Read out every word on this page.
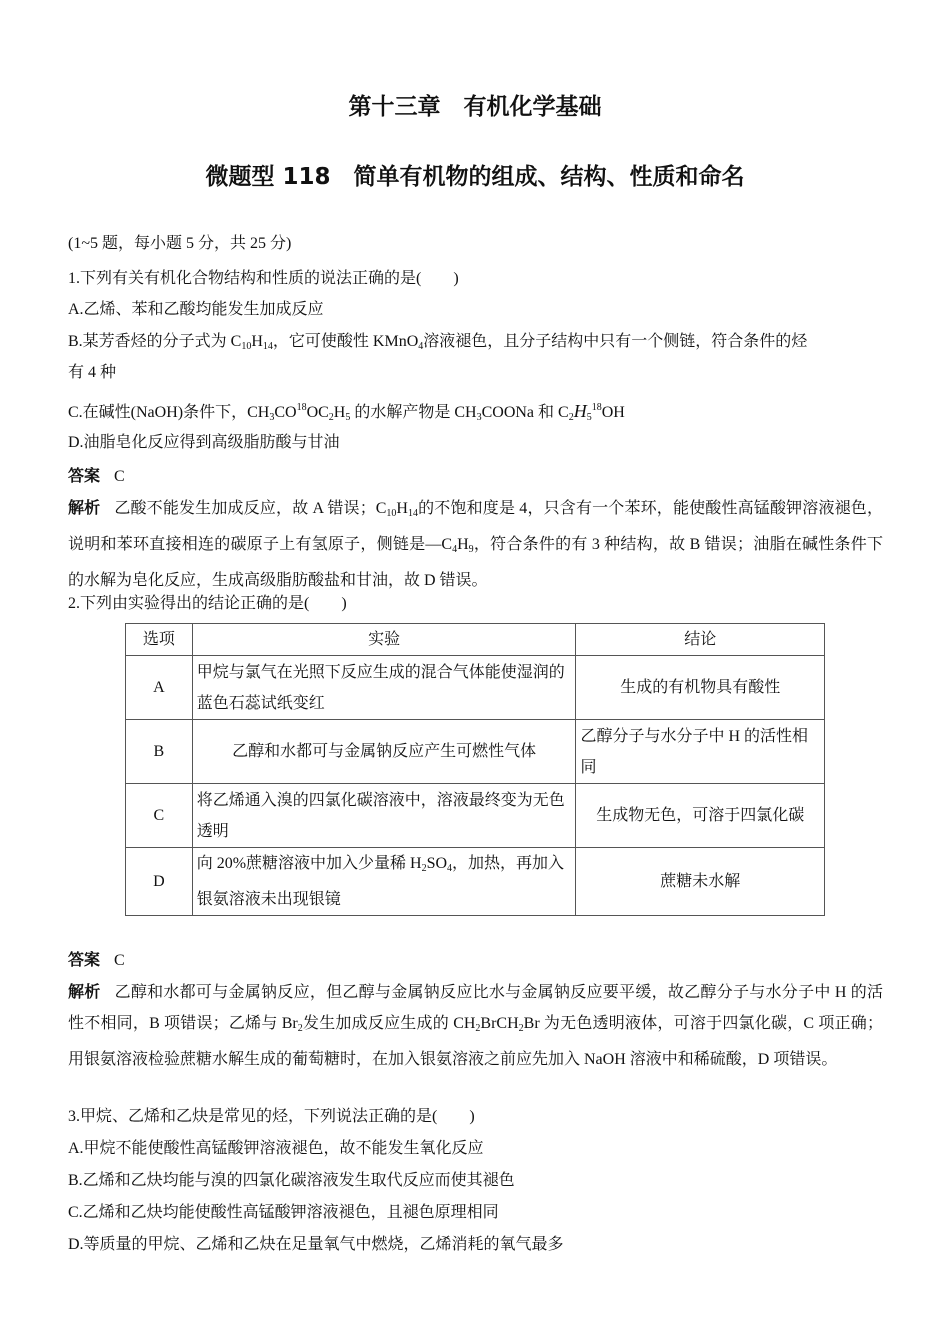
第十三章　有机化学基础
微题型 118　简单有机物的组成、结构、性质和命名
(1~5 题，每小题 5 分，共 25 分)
1.下列有关有机化合物结构和性质的说法正确的是(　　)
A.乙烯、苯和乙酸均能发生加成反应
B.某芳香烃的分子式为 $C_{10}H_{14}$，它可使酸性 KMnO$_4$溶液褪色，且分子结构中只有一个侧链，符合条件的烃
有 4 种
C.在碱性(NaOH)条件下，$CH_3CO^{18}OC_2H_5$ 的水解产物是 $CH_3COONa$ 和 $C_2H_5^{18}OH$
D.油脂皂化反应得到高级脂肪酸与甘油
答案 C
解析 乙酸不能发生加成反应，故 A 错误；$C_{10}H_{14}$的不饱和度是 4，只含有一个苯环，能使酸性高锰酸钾溶液褪色，说明和苯环直接相连的碳原子上有氢原子，侧链是$—C_4H_9$，符合条件的有 3 种结构，故 B 错误；油脂在碱性条件下的水解为皂化反应，生成高级脂肪酸盐和甘油，故 D 错误。
2.下列由实验得出的结论正确的是(　　)
选项	实验	结论
A	甲烷与氯气在光照下反应生成的混合气体能使湿润的蓝色石蕊试纸变红	生成的有机物具有酸性
B	乙醇和水都可与金属钠反应产生可燃性气体	乙醇分子与水分子中 H 的活性相同
C	将乙烯通入溴的四氯化碳溶液中，溶液最终变为无色透明	生成物无色，可溶于四氯化碳
D	向 20%蔗糖溶液中加入少量稀 $H_2SO_4$，加热，再加入银氨溶液未出现银镜	蔗糖未水解
答案 C
解析 乙醇和水都可与金属钠反应，但乙醇与金属钠反应比水与金属钠反应要平缓，故乙醇分子与水分子中 H 的活性不相同，B 项错误；乙烯与 $Br_2$发生加成反应生成的 $CH_2BrCH_2Br$ 为无色透明液体，可溶于四氯化碳，C 项正确；用银氨溶液检验蔗糖水解生成的葡萄糖时，在加入银氨溶液之前应先加入 NaOH 溶液中和稀硫酸，D 项错误。
3.甲烷、乙烯和乙炔是常见的烃，下列说法正确的是(　　)
A.甲烷不能使酸性高锰酸钾溶液褪色，故不能发生氧化反应
B.乙烯和乙炔均能与溴的四氯化碳溶液发生取代反应而使其褪色
C.乙烯和乙炔均能使酸性高锰酸钾溶液褪色，且褪色原理相同
D.等质量的甲烷、乙烯和乙炔在足量氧气中燃烧，乙烯消耗的氧气最多
